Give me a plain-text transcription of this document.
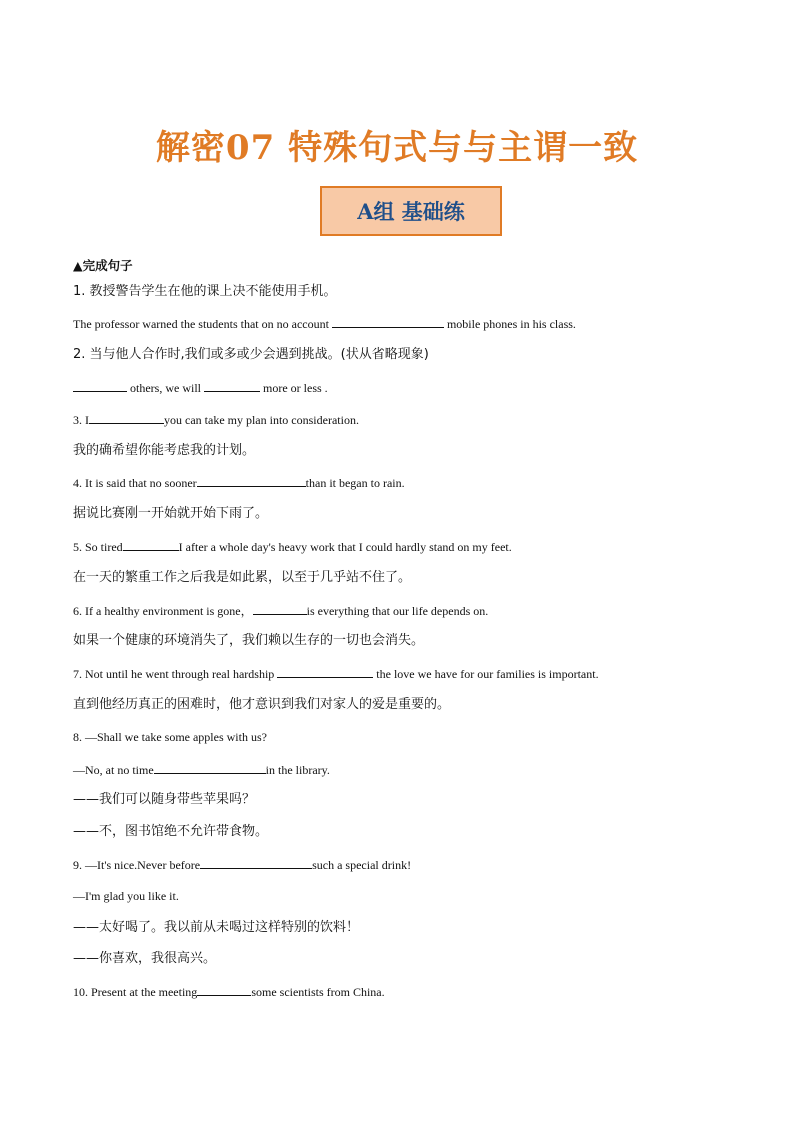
解密07 特殊句式与与主谓一致
A组 基础练
▲完成句子
1. 教授警告学生在他的课上决不能使用手机。
The professor warned the students that on no account	mobile phones in his class.
2. 当与他人合作时,我们或多或少会遇到挑战。(状从省略现象)
others, we will	more or less .
3. I	you can take my plan into consideration.
我的确希望你能考虑我的计划。
4. It is said that no sooner	than it began to rain.
据说比赛刚一开始就开始下雨了。
5. So tired	I after a whole day's heavy work that I could hardly stand on my feet.
在一天的繁重工作之后我是如此累，以至于几乎站不住了。
6. If a healthy environment is gone，	is everything that our life depends on.
如果一个健康的环境消失了，我们赖以生存的一切也会消失。
7. Not until he went through real hardship	the love we have for our families is important.
直到他经历真正的困难时，他才意识到我们对家人的爱是重要的。
8. —Shall we take some apples with us?
—No, at no time	in the library.
——我们可以随身带些苹果吗？
——不，图书馆绝不允许带食物。
9. —It's nice.Never before	such a special drink!
—I'm glad you like it.
——太好喝了。我以前从未喝过这样特别的饮料！
——你喜欢，我很高兴。
10. Present at the meeting	some scientists from China.
